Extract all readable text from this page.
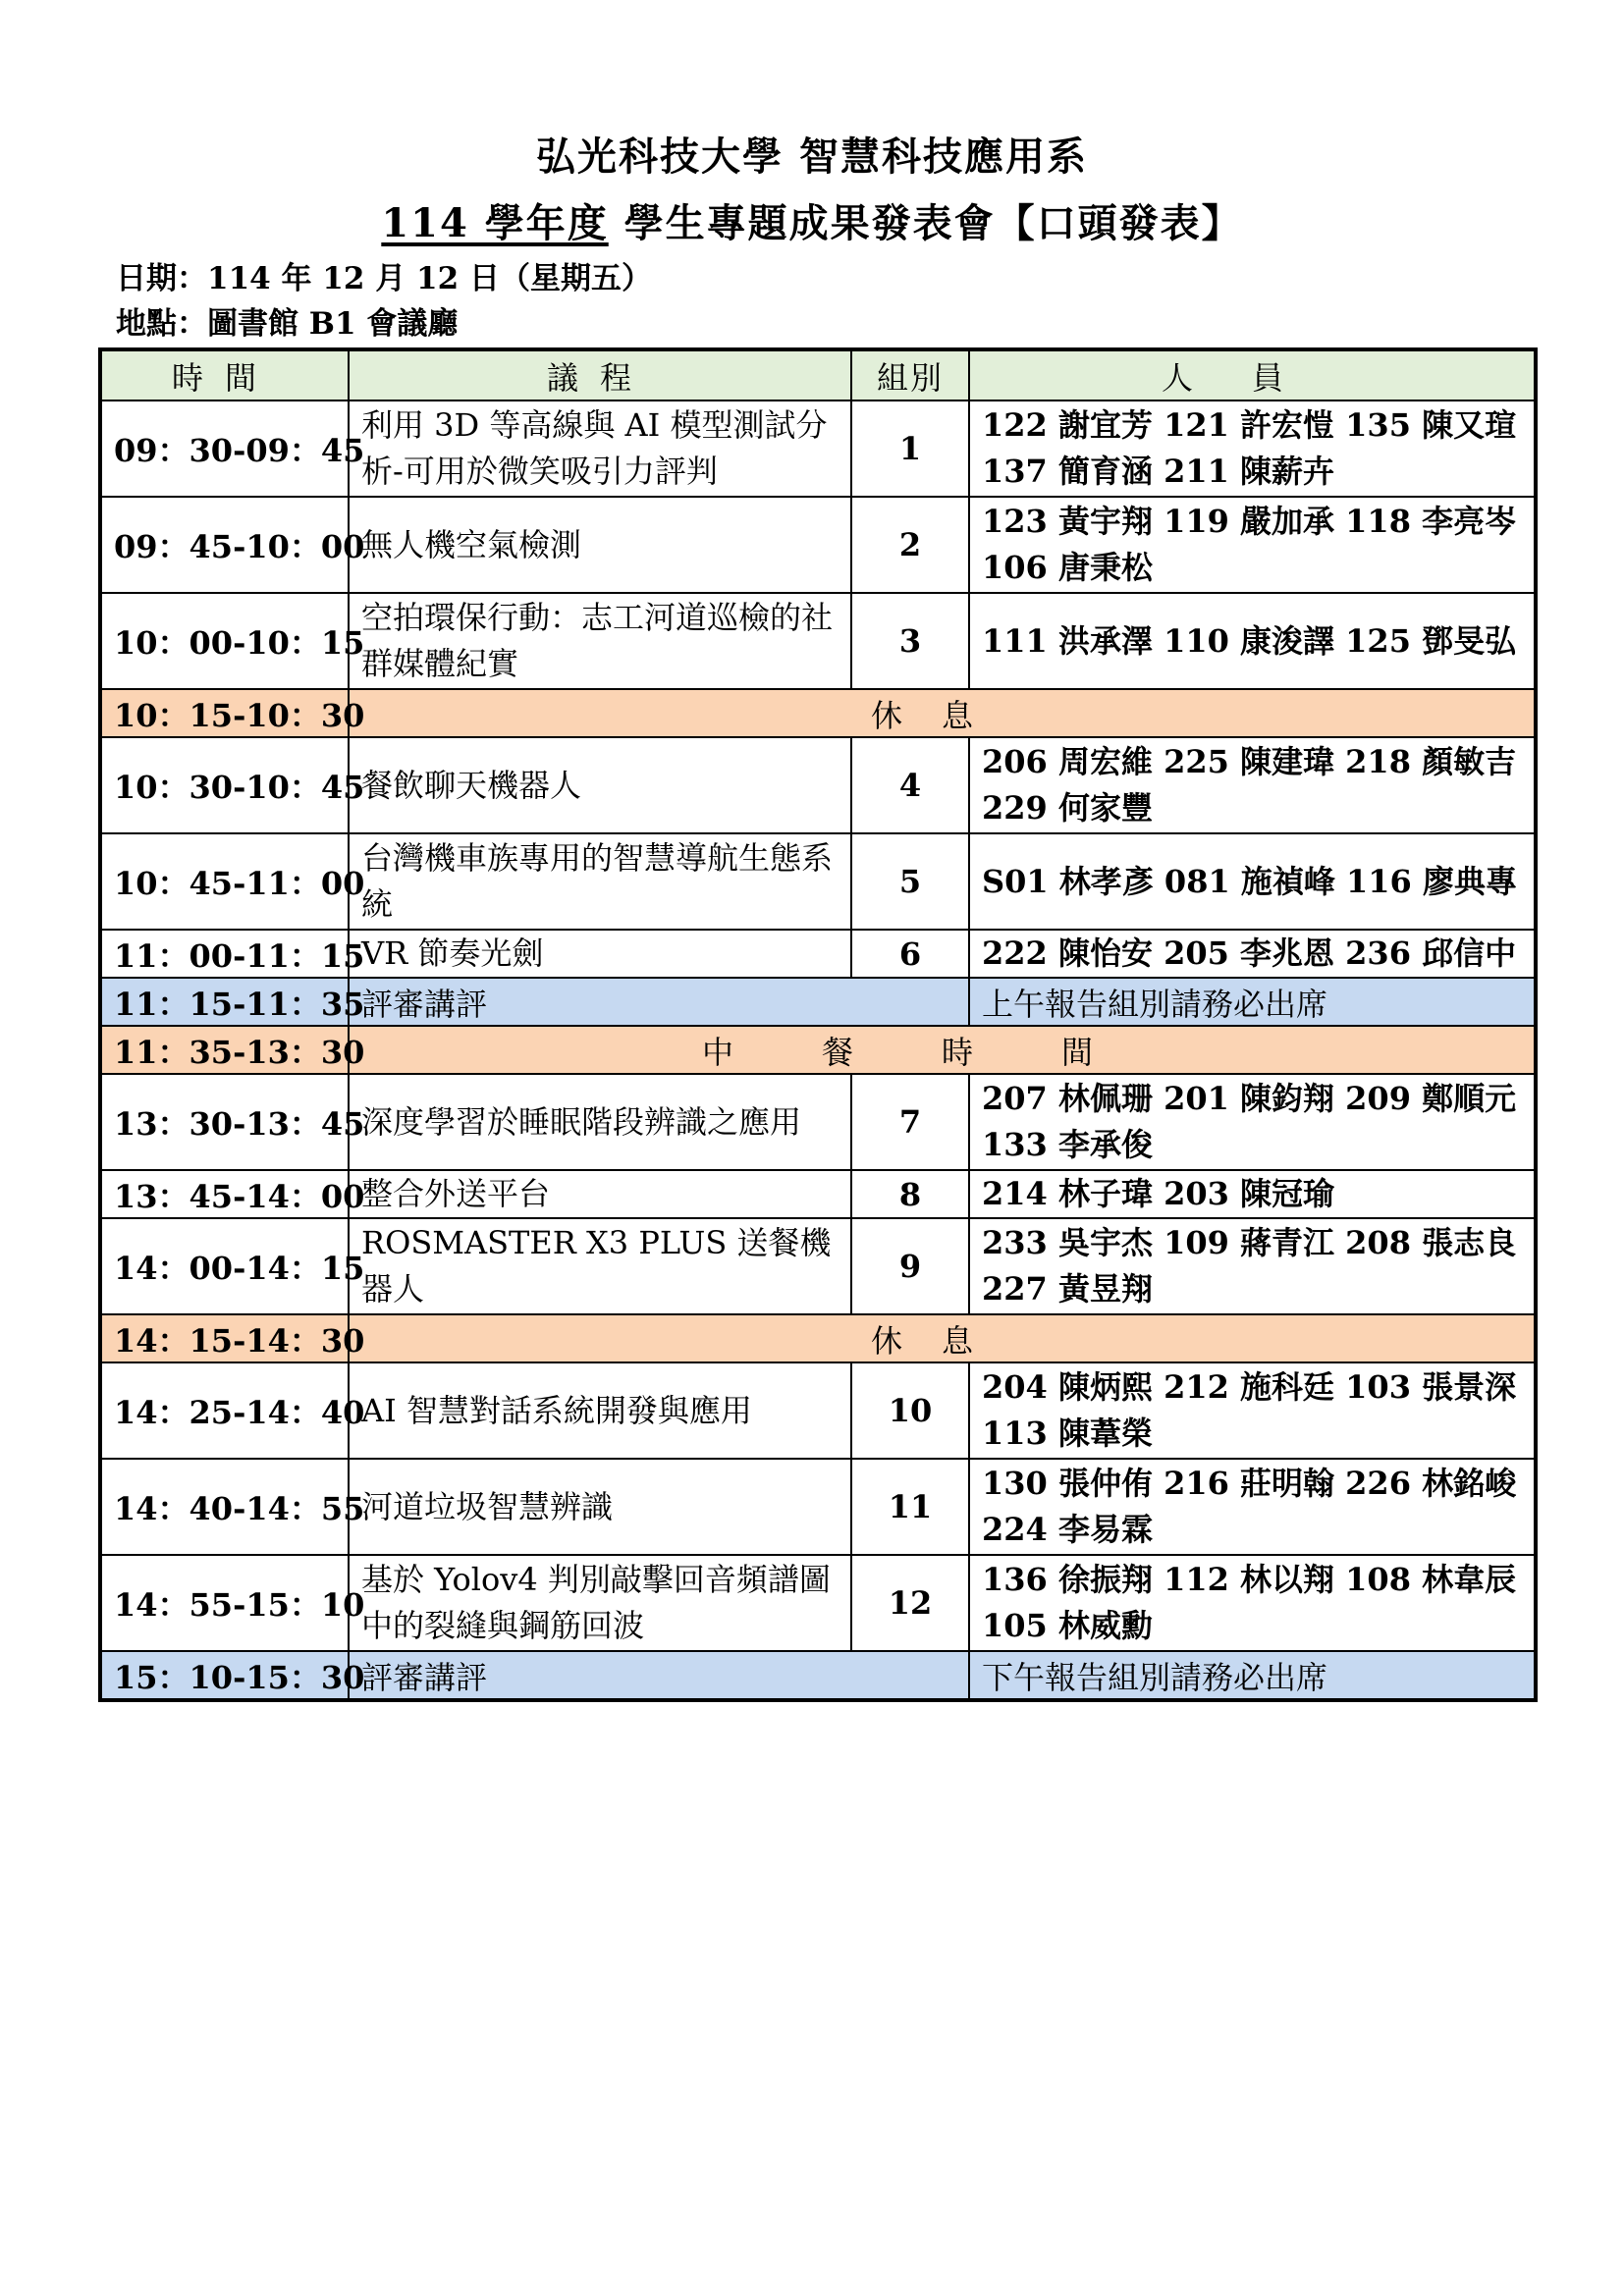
弘光科技大學 智慧科技應用系
114 學年度 學生專題成果發表會【口頭發表】
日期：114 年 12 月 12 日（星期五）
地點：圖書館 B1 會議廳
時間	議程	組別	人員
09：30-09：45	利用 3D 等高線與 AI 模型測試分析-可用於微笑吸引力評判	1	122 謝宜芳 121 許宏愷 135 陳又瑄 137 簡育涵 211 陳薪卉
09：45-10：00	無人機空氣檢測	2	123 黃宇翔 119 嚴加承 118 李亮岑 106 唐秉松
10：00-10：15	空拍環保行動：志工河道巡檢的社群媒體紀實	3	111 洪承澤 110 康浚譯 125 鄧旻弘
10：15-10：30	休息		
10：30-10：45	餐飲聊天機器人	4	206 周宏維 225 陳建瑋 218 顏敏吉 229 何家豐
10：45-11：00	台灣機車族專用的智慧導航生態系統	5	S01 林孝彥 081 施禎峰 116 廖典專
11：00-11：15	VR 節奏光劍	6	222 陳怡安 205 李兆恩 236 邱信中
11：15-11：35	評審講評		上午報告組別請務必出席
11：35-13：30	中餐時間		
13：30-13：45	深度學習於睡眠階段辨識之應用	7	207 林佩珊 201 陳鈞翔 209 鄭順元 133 李承俊
13：45-14：00	整合外送平台	8	214 林子瑋 203 陳冠瑜
14：00-14：15	ROSMASTER X3 PLUS 送餐機器人	9	233 吳宇杰 109 蔣青江 208 張志良 227 黃昱翔
14：15-14：30	休息		
14：25-14：40	AI 智慧對話系統開發與應用	10	204 陳炳熙 212 施科廷 103 張景深 113 陳葦榮
14：40-14：55	河道垃圾智慧辨識	11	130 張仲侑 216 莊明翰 226 林銘峻 224 李易霖
14：55-15：10	基於 Yolov4 判別敲擊回音頻譜圖中的裂縫與鋼筋回波	12	136 徐振翔 112 林以翔 108 林韋辰 105 林威勳
15：10-15：30	評審講評		下午報告組別請務必出席
